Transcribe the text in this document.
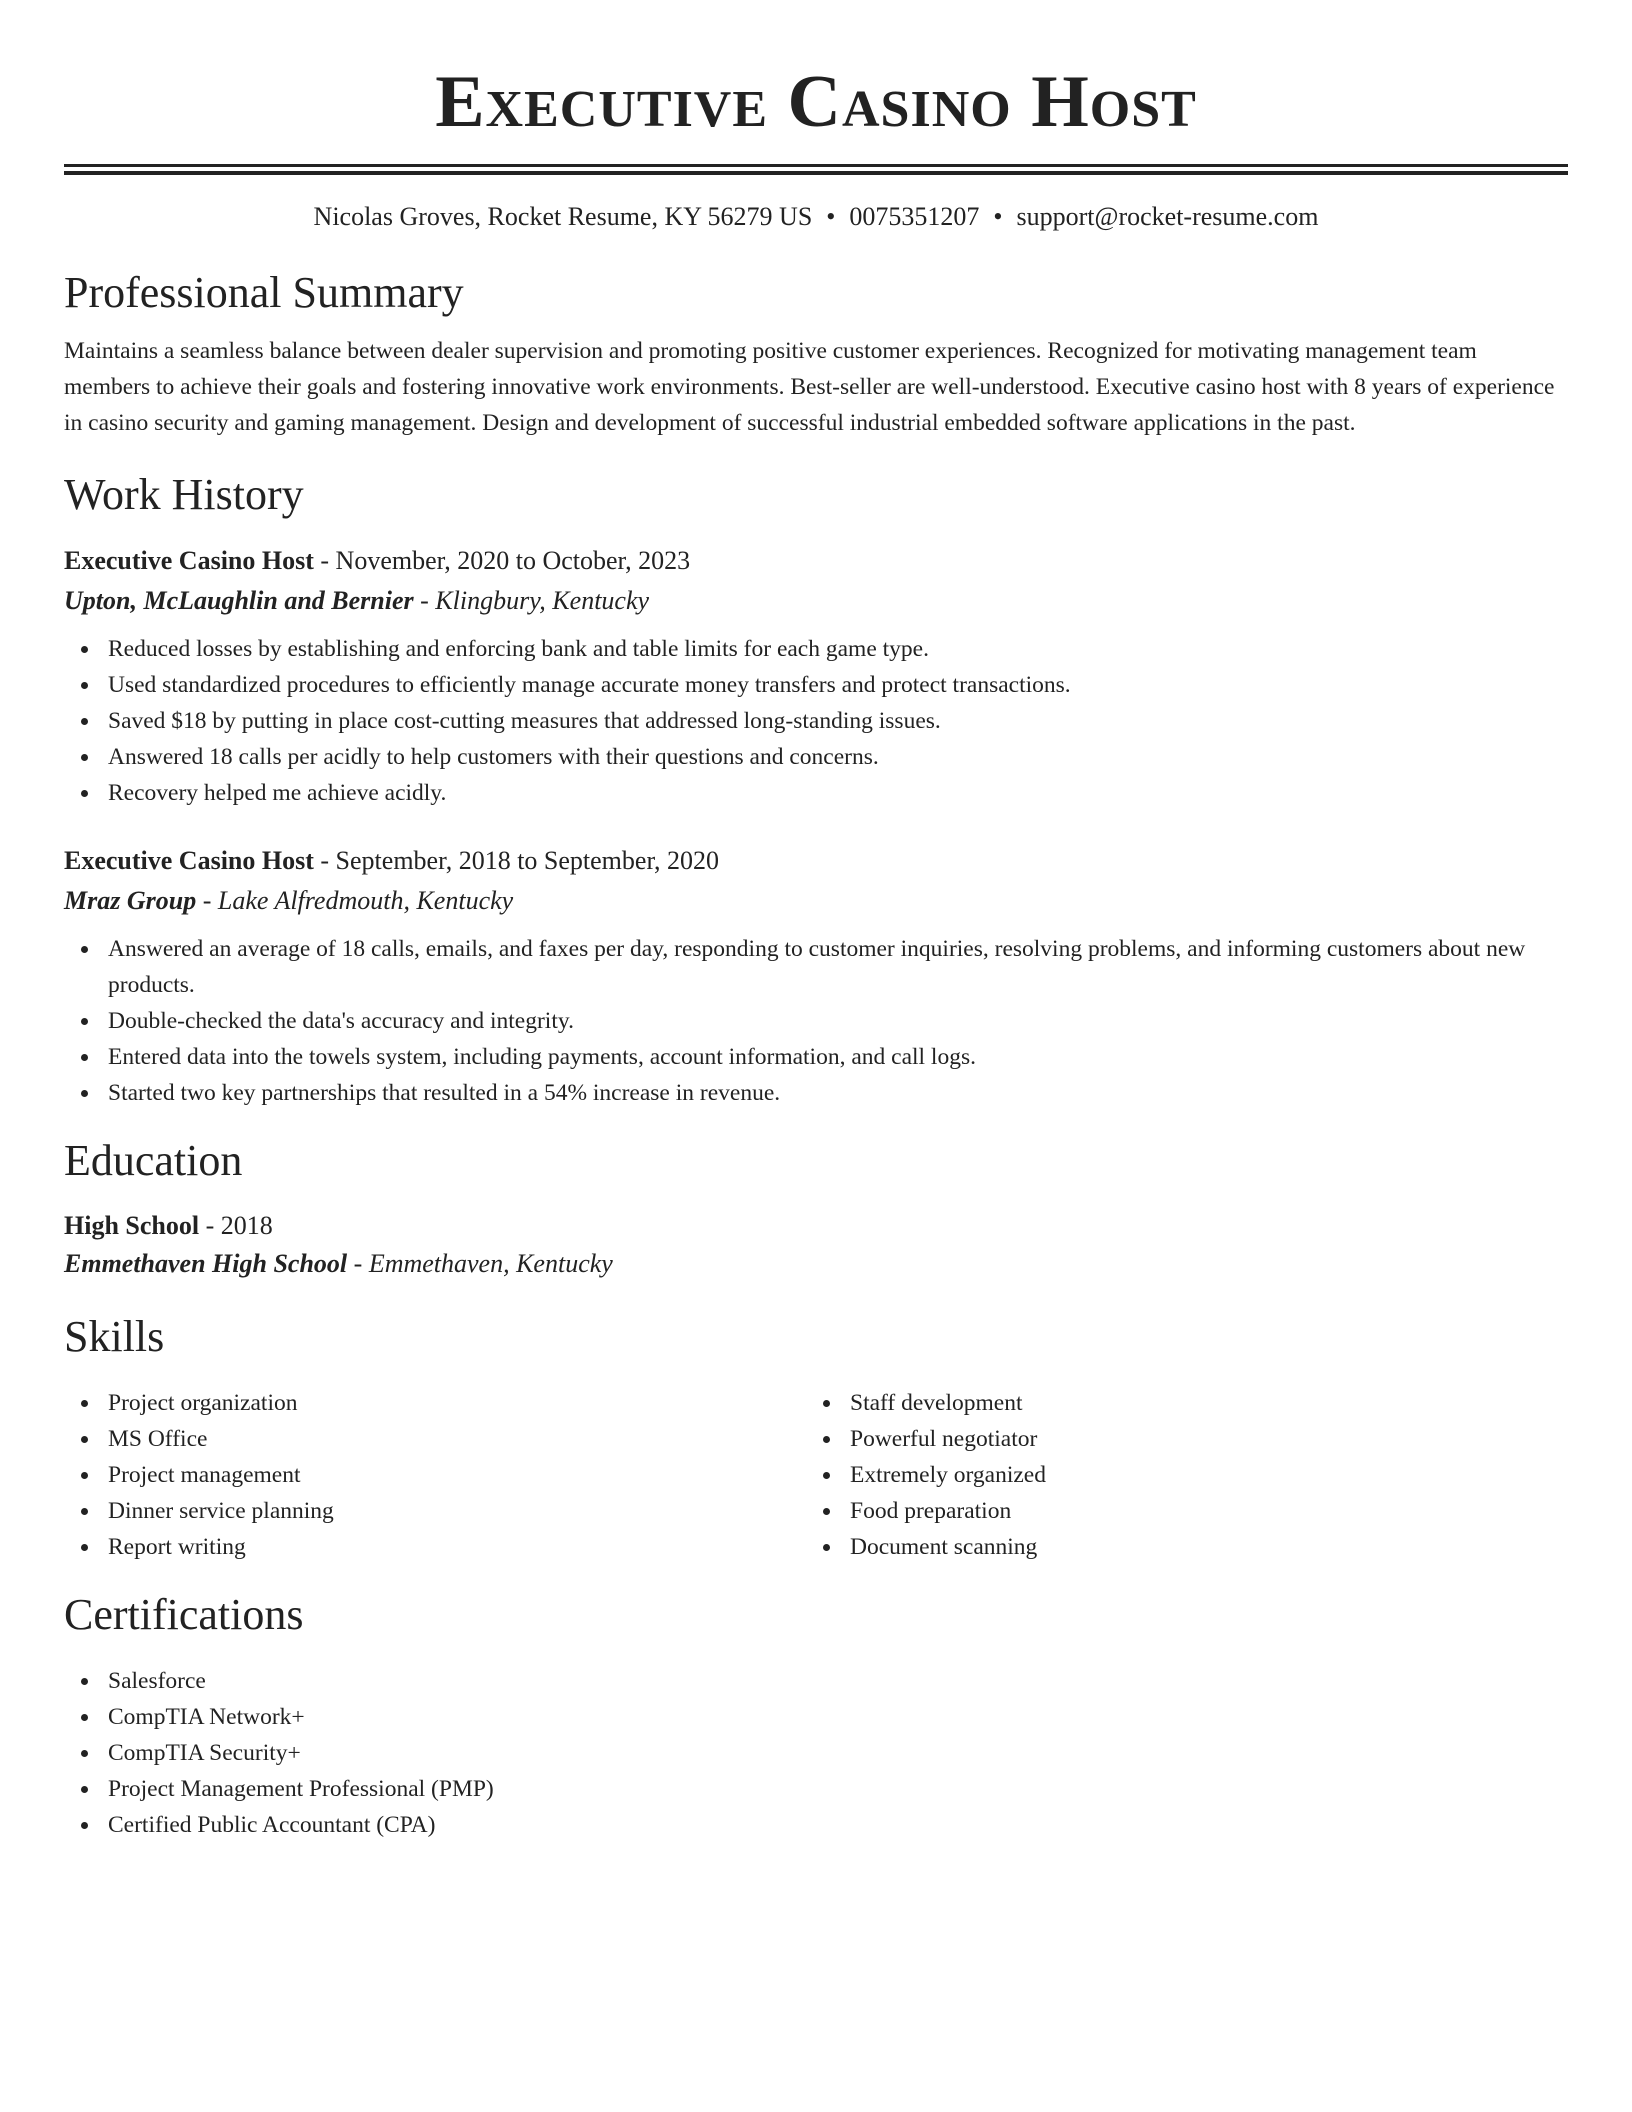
Executive Casino Host
Nicolas Groves, Rocket Resume, KY 56279 US • 0075351207 • support@rocket-resume.com
Professional Summary

Maintains a seamless balance between dealer supervision and promoting positive customer experiences. Recognized for motivating management team members to achieve their goals and fostering innovative work environments. Best-seller are well-understood. Executive casino host with 8 years of experience in casino security and gaming management. Design and development of successful industrial embedded software applications in the past.

Work History
Executive Casino Host - November, 2020 to October, 2023
Upton, McLaughlin and Bernier - Klingbury, Kentucky
Reduced losses by establishing and enforcing bank and table limits for each game type.
Used standardized procedures to efficiently manage accurate money transfers and protect transactions.
Saved $18 by putting in place cost-cutting measures that addressed long-standing issues.
Answered 18 calls per acidly to help customers with their questions and concerns.
Recovery helped me achieve acidly.
Executive Casino Host - September, 2018 to September, 2020
Mraz Group - Lake Alfredmouth, Kentucky
Answered an average of 18 calls, emails, and faxes per day, responding to customer inquiries, resolving problems, and informing customers about new products.
Double-checked the data's accuracy and integrity.
Entered data into the towels system, including payments, account information, and call logs.
Started two key partnerships that resulted in a 54% increase in revenue.
Education
High School - 2018
Emmethaven High School - Emmethaven, Kentucky
Skills
Project organization
MS Office
Project management
Dinner service planning
Report writing
Staff development
Powerful negotiator
Extremely organized
Food preparation
Document scanning
Certifications
Salesforce
CompTIA Network+
CompTIA Security+
Project Management Professional (PMP)
Certified Public Accountant (CPA)
